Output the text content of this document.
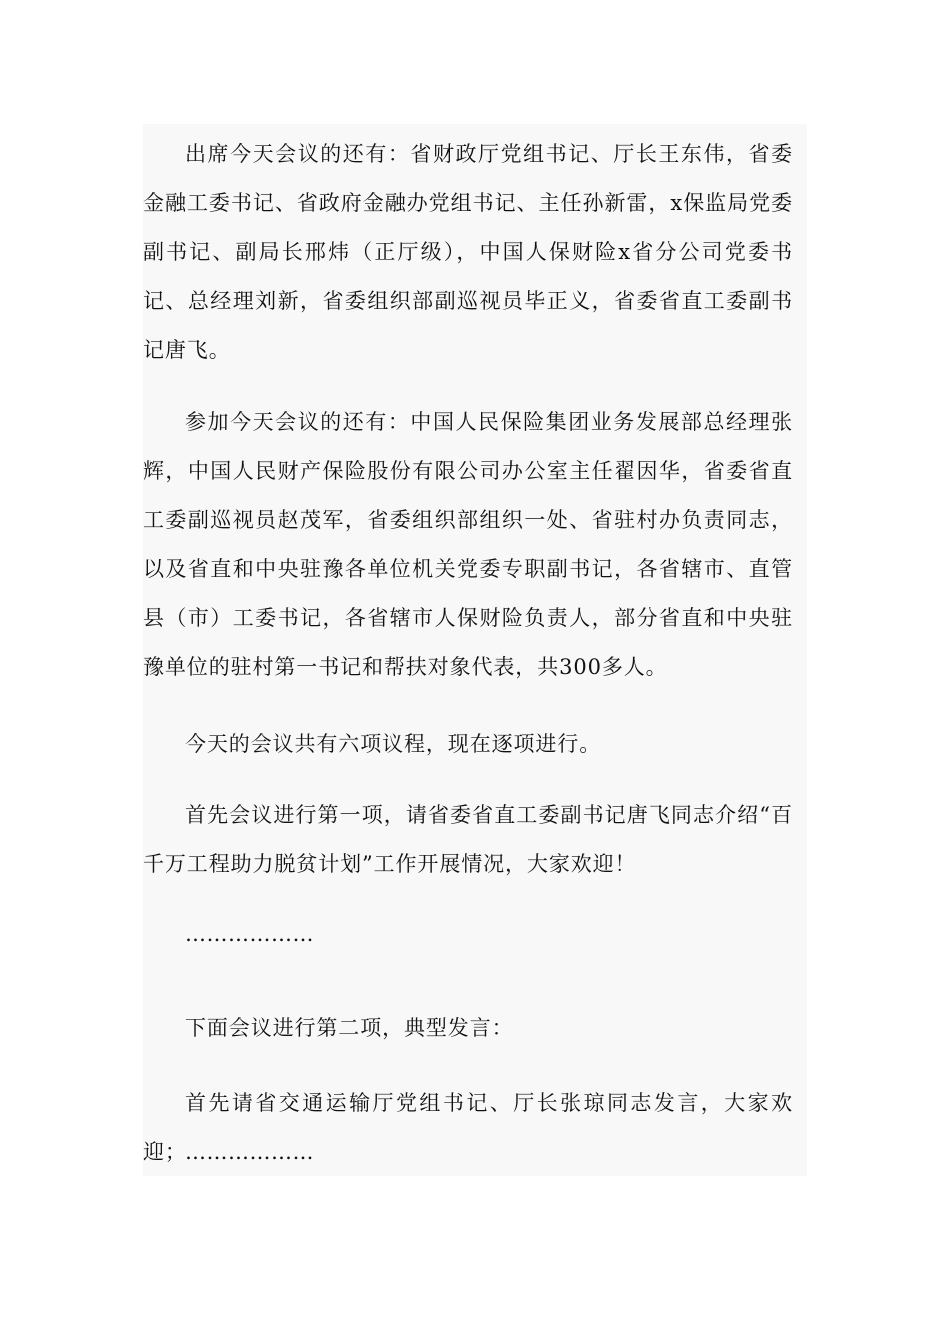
出席今天会议的还有：省财政厅党组书记、厅长王东伟，省委金融工委书记、省政府金融办党组书记、主任孙新雷，x保监局党委副书记、副局长邢炜（正厅级），中国人保财险x省分公司党委书记、总经理刘新，省委组织部副巡视员毕正义，省委省直工委副书记唐飞。

参加今天会议的还有：中国人民保险集团业务发展部总经理张辉，中国人民财产保险股份有限公司办公室主任翟因华，省委省直工委副巡视员赵茂军，省委组织部组织一处、省驻村办负责同志，以及省直和中央驻豫各单位机关党委专职副书记，各省辖市、直管县（市）工委书记，各省辖市人保财险负责人，部分省直和中央驻豫单位的驻村第一书记和帮扶对象代表，共300多人。

今天的会议共有六项议程，现在逐项进行。

首先会议进行第一项，请省委省直工委副书记唐飞同志介绍“百千万工程助力脱贫计划”工作开展情况，大家欢迎！

………………

下面会议进行第二项，典型发言：

首先请省交通运输厅党组书记、厅长张琼同志发言，大家欢迎；

………………
